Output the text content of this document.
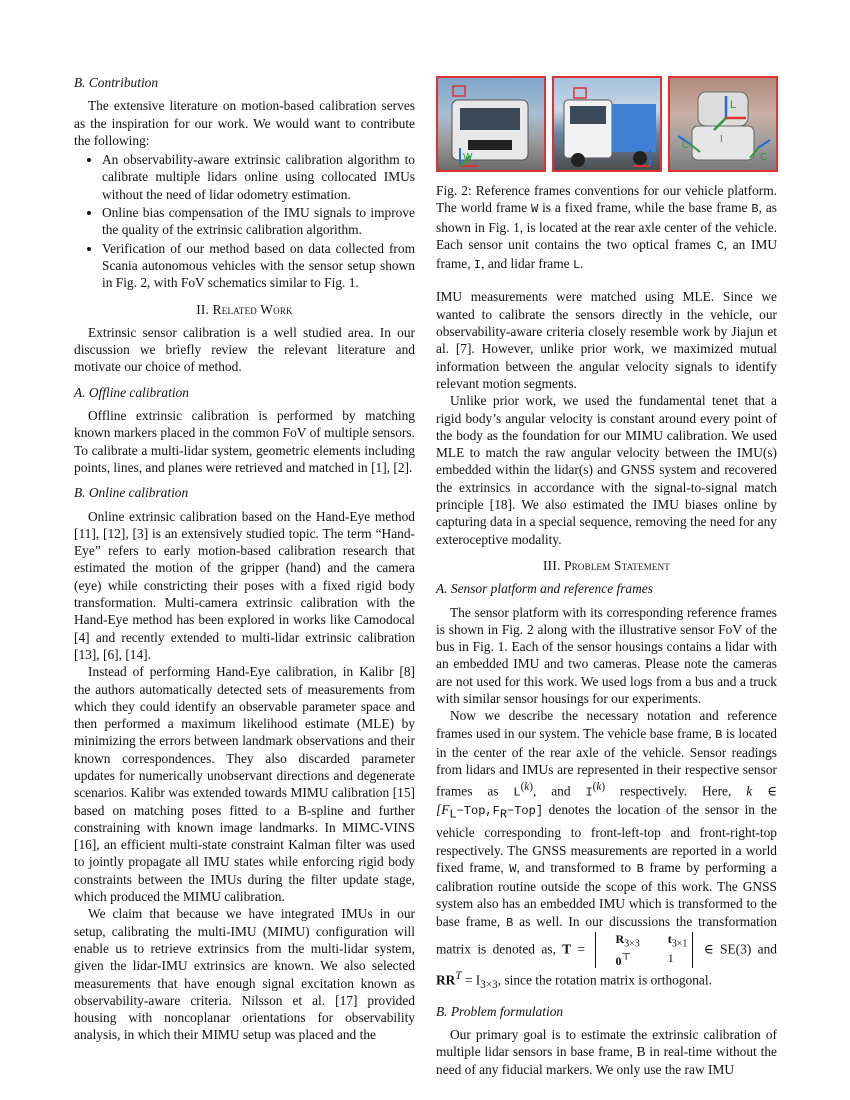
B. Contribution

The extensive literature on motion-based calibration serves as the inspiration for our work. We would want to contribute the following:

• An observability-aware extrinsic calibration algorithm to calibrate multiple lidars online using collocated IMUs without the need of lidar odometry estimation.
• Online bias compensation of the IMU signals to improve the quality of the extrinsic calibration algorithm.
• Verification of our method based on data collected from Scania autonomous vehicles with the sensor setup shown in Fig. 2, with FoV schematics similar to Fig. 1.
II. Related Work

Extrinsic sensor calibration is a well studied area. In our discussion we briefly review the relevant literature and motivate our choice of method.

A. Offline calibration

Offline extrinsic calibration is performed by matching known markers placed in the common FoV of multiple sensors. To calibrate a multi-lidar system, geometric elements including points, lines, and planes were retrieved and matched in [1], [2].

B. Online calibration

Online extrinsic calibration based on the Hand-Eye method [11], [12], [3] is an extensively studied topic. The term “Hand-Eye” refers to early motion-based calibration research that estimated the motion of the gripper (hand) and the camera (eye) while constricting their poses with a fixed rigid body transformation. Multi-camera extrinsic calibration with the Hand-Eye method has been explored in works like Camodocal [4] and recently extended to multi-lidar extrinsic calibration [13], [6], [14].

Instead of performing Hand-Eye calibration, in Kalibr [8] the authors automatically detected sets of measurements from which they could identify an observable parameter space and then performed a maximum likelihood estimate (MLE) by minimizing the errors between landmark observations and their known correspondences. They also discarded parameter updates for numerically unobservant directions and degenerate scenarios. Kalibr was extended towards MIMU calibration [15] based on matching poses fitted to a B-spline and further constraining with known image landmarks. In MIMC-VINS [16], an efficient multi-state constraint Kalman filter was used to jointly propagate all IMU states while enforcing rigid body constraints between the IMUs during the filter update stage, which produced the MIMU calibration.

We claim that because we have integrated IMUs in our setup, calibrating the multi-IMU (MIMU) configuration will enable us to retrieve extrinsics from the multi-lidar system, given the lidar-IMU extrinsics are known. We also selected measurements that have enough signal excitation known as observability-aware criteria. Nilsson et al. [17] provided housing with noncoplanar orientations for observability analysis, in which their MIMU setup was placed and the

W
L
C
C
I

Fig. 2: Reference frames conventions for our vehicle platform. The world frame W is a fixed frame, while the base frame B, as shown in Fig. 1, is located at the rear axle center of the vehicle. Each sensor unit contains the two optical frames C, an IMU frame, I, and lidar frame L.

IMU measurements were matched using MLE. Since we wanted to calibrate the sensors directly in the vehicle, our observability-aware criteria closely resemble work by Jiajun et al. [7]. However, unlike prior work, we maximized mutual information between the angular velocity signals to identify relevant motion segments.

Unlike prior work, we used the fundamental tenet that a rigid body’s angular velocity is constant around every point of the body as the foundation for our MIMU calibration. We used MLE to match the raw angular velocity between the IMU(s) embedded within the lidar(s) and GNSS system and recovered the extrinsics in accordance with the signal-to-signal match principle [18]. We also estimated the IMU biases online by capturing data in a special sequence, removing the need for any exteroceptive modality.

III. Problem Statement
A. Sensor platform and reference frames

The sensor platform with its corresponding reference frames is shown in Fig. 2 along with the illustrative sensor FoV of the bus in Fig. 1. Each of the sensor housings contains a lidar with an embedded IMU and two cameras. Please note the cameras are not used for this work. We used logs from a bus and a truck with similar sensor housings for our experiments.

Now we describe the necessary notation and reference frames used in our system. The vehicle base frame, B is located in the center of the rear axle of the vehicle. Sensor readings from lidars and IMUs are represented in their respective sensor frames as $L^{(k)}$, and $I^{(k)}$ respectively. Here, k ∈ $[F_L-Top,F_R-Top]$ denotes the location of the sensor in the vehicle corresponding to front-left-top and front-right-top respectively. The GNSS measurements are reported in a world fixed frame, W, and transformed to B frame by performing a calibration routine outside the scope of this work. The GNSS system also has an embedded IMU which is transformed to the base frame, B as well. In our discussions the transformation matrix is denoted as, T =
$R_{3\times 3}$	$t_{3\times 1}$
0⊤	1
∈ SE(3) and $RR^T = I_{3\times 3}$, since the rotation matrix is orthogonal.

B. Problem formulation

Our primary goal is to estimate the extrinsic calibration of multiple lidar sensors in base frame, B in real-time without the need of any fiducial markers. We only use the raw IMU
